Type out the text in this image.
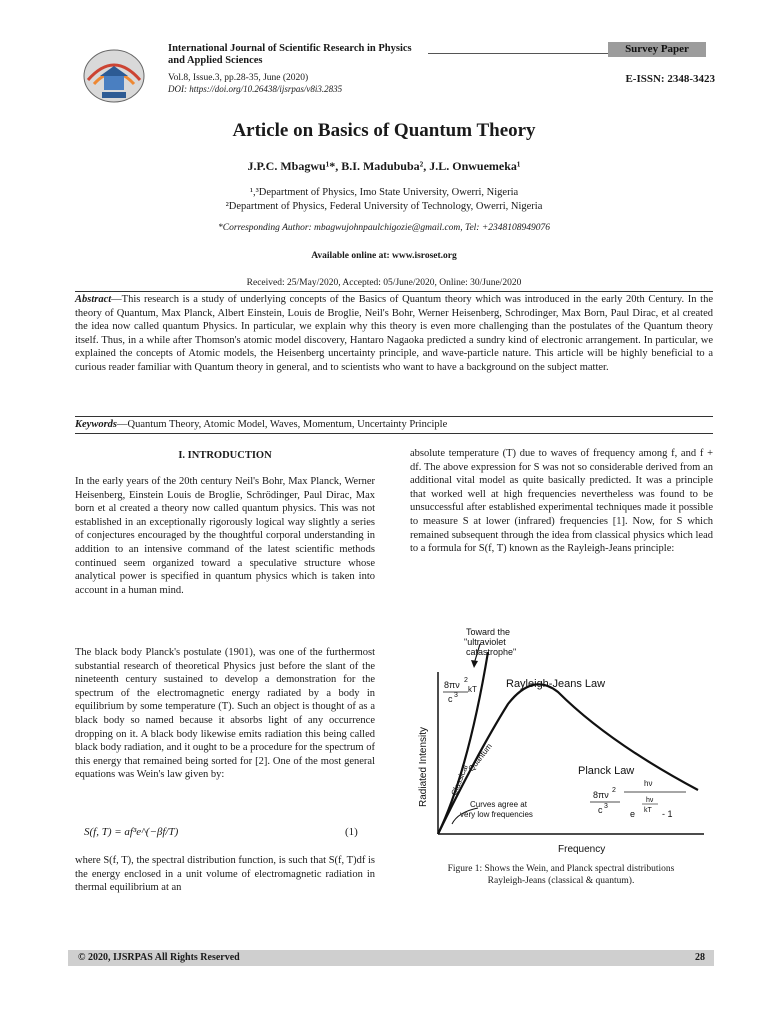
International Journal of Scientific Research in Physics and Applied Sciences
Survey Paper
Vol.8, Issue.3, pp.28-35, June (2020)
DOI: https://doi.org/10.26438/ijsrpas/v8i3.2835
E-ISSN: 2348-3423
Article on Basics of Quantum Theory
J.P.C. Mbagwu¹*, B.I. Madububa², J.L. Onwuemeka¹
¹,³Department of Physics, Imo State University, Owerri, Nigeria
²Department of Physics, Federal University of Technology, Owerri, Nigeria
*Corresponding Author: mbagwujohnpaulchigozie@gmail.com, Tel: +2348108949076
Available online at: www.isroset.org
Received: 25/May/2020, Accepted: 05/June/2020, Online: 30/June/2020
Abstract—This research is a study of underlying concepts of the Basics of Quantum theory which was introduced in the early 20th Century. In the theory of Quantum, Max Planck, Albert Einstein, Louis de Broglie, Neil's Bohr, Werner Heisenberg, Schrodinger, Max Born, Paul Dirac, et al created the idea now called quantum Physics. In particular, we explain why this theory is even more challenging than the postulates of the Quantum theory itself. Thus, in a while after Thomson's atomic model discovery, Hantaro Nagaoka predicted a sundry kind of electronic arrangement. In particular, we explained the concepts of Atomic models, the Heisenberg uncertainty principle, and wave-particle nature. This article will be highly beneficial to a curious reader familiar with Quantum theory in general, and to scientists who want to have a background on the subject matter.
Keywords—Quantum Theory, Atomic Model, Waves, Momentum, Uncertainty Principle
I. INTRODUCTION
In the early years of the 20th century Neil's Bohr, Max Planck, Werner Heisenberg, Einstein Louis de Broglie, Schrödinger, Paul Dirac, Max born et al created a theory now called quantum physics. This was not established in an exceptionally rigorously logical way slightly a series of conjectures encouraged by the thoughtful corporal understanding in addition to an intensive command of the latest scientific methods continued seem organized toward a speculative structure whose analytical power is specified in quantum physics which is taken into account in a human mind.
The black body Planck's postulate (1901), was one of the furthermost substantial research of theoretical Physics just before the slant of the nineteenth century sustained to develop a demonstration for the spectrum of the electromagnetic energy radiated by a body in equilibrium by some temperature (T). Such an object is thought of as a black body so named because it absorbs light of any occurrence dropping on it. A black body likewise emits radiation this being called black body radiation, and it ought to be a procedure for the spectrum of this energy that remained being sorted for [2]. One of the most general equations was Wein's law given by:
S(f, T) = af³e^(−βf/T)	(1)
where S(f, T), the spectral distribution function, is such that S(f, T)df is the energy enclosed in a unit volume of electromagnetic radiation in thermal equilibrium at an
absolute temperature (T) due to waves of frequency among f, and f + df. The above expression for S was not so considerable derived from an additional vital model as quite basically predicted. It was a principle that worked well at high frequencies nevertheless was found to be unsuccessful after established experimental techniques made it possible to measure S at lower (infrared) frequencies [1]. Now, for S which remained subsequent through the idea from classical physics which lead to a formula for S(f, T) known as the Rayleigh-Jeans principle:
Radiated Intensity
Frequency
Toward the
"ultraviolet
catastrophe"
Rayleigh-Jeans Law
8πν 2
c 3
kT
Classical
Quantum	Planck Law
8πν 2
c 3
hν
hν
e kT - 1
Curves agree at
very low frequencies
Figure 1: Shows the Wein, and Planck spectral distributions
Rayleigh-Jeans (classical & quantum).
© 2020, IJSRPAS All Rights Reserved	28
